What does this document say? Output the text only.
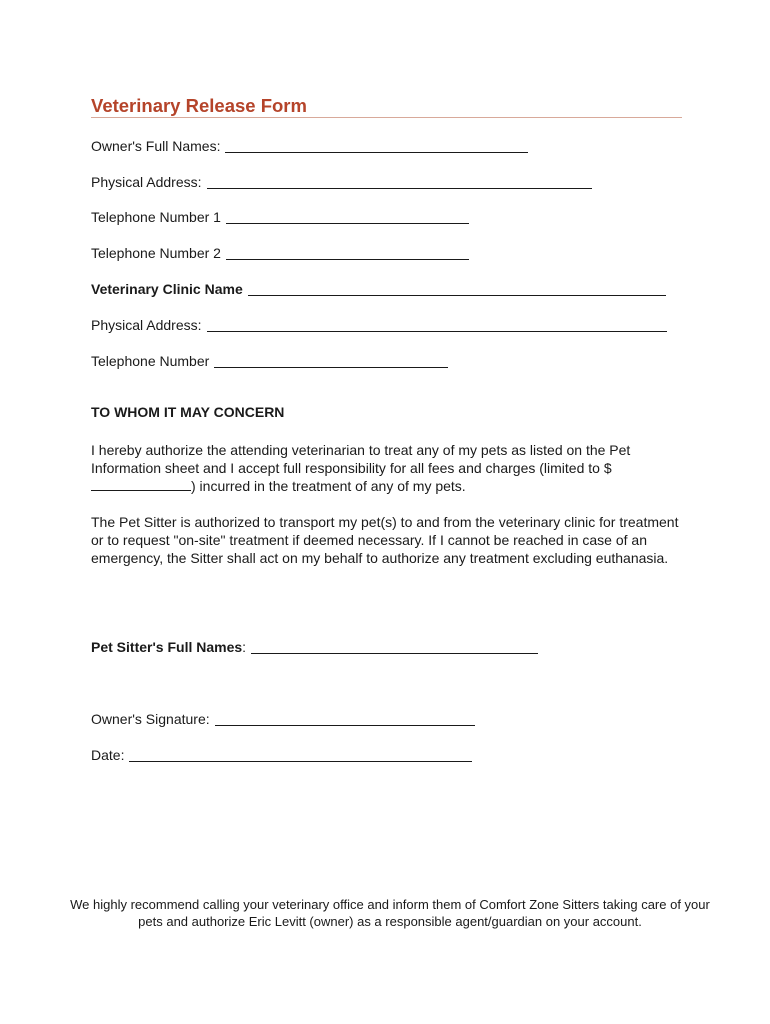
Veterinary Release Form
Owner's Full Names:
Physical Address:
Telephone Number 1
Telephone Number 2
Veterinary Clinic Name
Physical Address:
Telephone Number
TO WHOM IT MAY CONCERN

I hereby authorize the attending veterinarian to treat any of my pets as listed on the Pet Information sheet and I accept full responsibility for all fees and charges (limited to $) incurred in the treatment of any of my pets.

The Pet Sitter is authorized to transport my pet(s) to and from the veterinary clinic for treatment or to request "on-site" treatment if deemed necessary. If I cannot be reached in case of an emergency, the Sitter shall act on my behalf to authorize any treatment excluding euthanasia.

Pet Sitter's Full Names :
Owner's Signature:
Date:

We highly recommend calling your veterinary office and inform them of Comfort Zone Sitters taking care of your pets and authorize Eric Levitt (owner) as a responsible agent/guardian on your account.
